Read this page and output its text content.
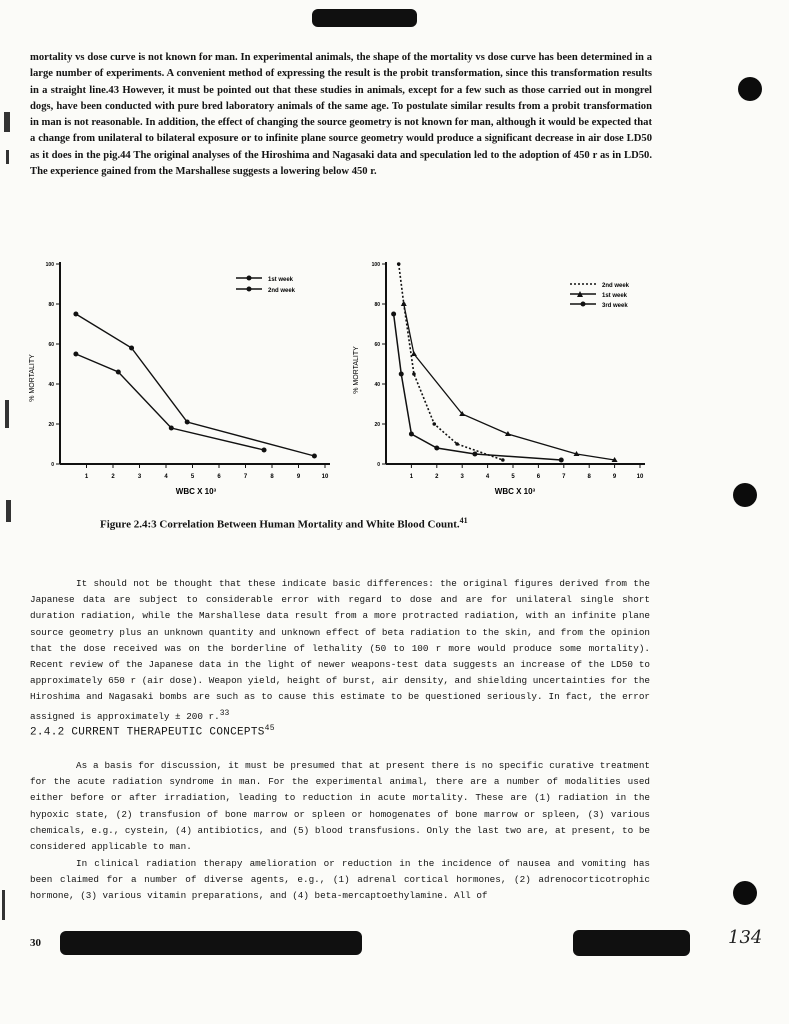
mortality vs dose curve is not known for man. In experimental animals, the shape of the mortality vs dose curve has been determined in a large number of experiments. A convenient method of expressing the result is the probit transformation, since this transformation results in a straight line.43 However, it must be pointed out that these studies in animals, except for a few such as those carried out in mongrel dogs, have been conducted with pure bred laboratory animals of the same age. To postulate similar results from a probit transformation in man is not reasonable. In addition, the effect of changing the source geometry is not known for man, although it would be expected that a change from unilateral to bilateral exposure or to infinite plane source geometry would produce a significant decrease in air dose LD50 as it does in the pig.44 The original analyses of the Hiroshima and Nagasaki data and speculation led to the adoption of 450 r as in LD50. The experience gained from the Marshallese suggests a lowering below 450 r.
% MORTALITY
WBC X 10³
1st week
2nd week
1	2	3	4	5	6	7	8	9	10
0
20
40
60
80
100
% MORTALITY
WBC X 10³
2nd week
1st week
3rd week
1	2	3	4	5	6	7	8	9	10
0
20
40
60
80
100
Figure 2.4:3 Correlation Between Human Mortality and White Blood Count.$^{41}$
It should not be thought that these indicate basic differences: the original figures derived from the Japanese data are subject to considerable error with regard to dose and are for unilateral single short duration radiation, while the Marshallese data result from a more protracted radiation, with an infinite plane source geometry plus an unknown quantity and unknown effect of beta radiation to the skin, and from the opinion that the dose received was on the borderline of lethality (50 to 100 r more would produce some mortality). Recent review of the Japanese data in the light of newer weapons-test data suggests an increase of the LD50 to approximately 650 r (air dose). Weapon yield, height of burst, air density, and shielding uncertainties for the Hiroshima and Nagasaki bombs are such as to cause this estimate to be questioned seriously. In fact, the error assigned is approximately ± 200 r.$^{33}$
2.4.2 CURRENT THERAPEUTIC CONCEPTS$^{45}$
As a basis for discussion, it must be presumed that at present there is no specific curative treatment for the acute radiation syndrome in man. For the experimental animal, there are a number of modalities used either before or after irradiation, leading to reduction in acute mortality. These are (1) radiation in the hypoxic state, (2) transfusion of bone marrow or spleen or homogenates of bone marrow or spleen, (3) various chemicals, e.g., cystein, (4) antibiotics, and (5) blood transfusions. Only the last two are, at present, to be considered applicable to man.
In clinical radiation therapy amelioration or reduction in the incidence of nausea and vomiting has been claimed for a number of diverse agents, e.g., (1) adrenal cortical hormones, (2) adrenocorticotrophic hormone, (3) various vitamin preparations, and (4) beta-mercaptoethylamine. All of
30	134
